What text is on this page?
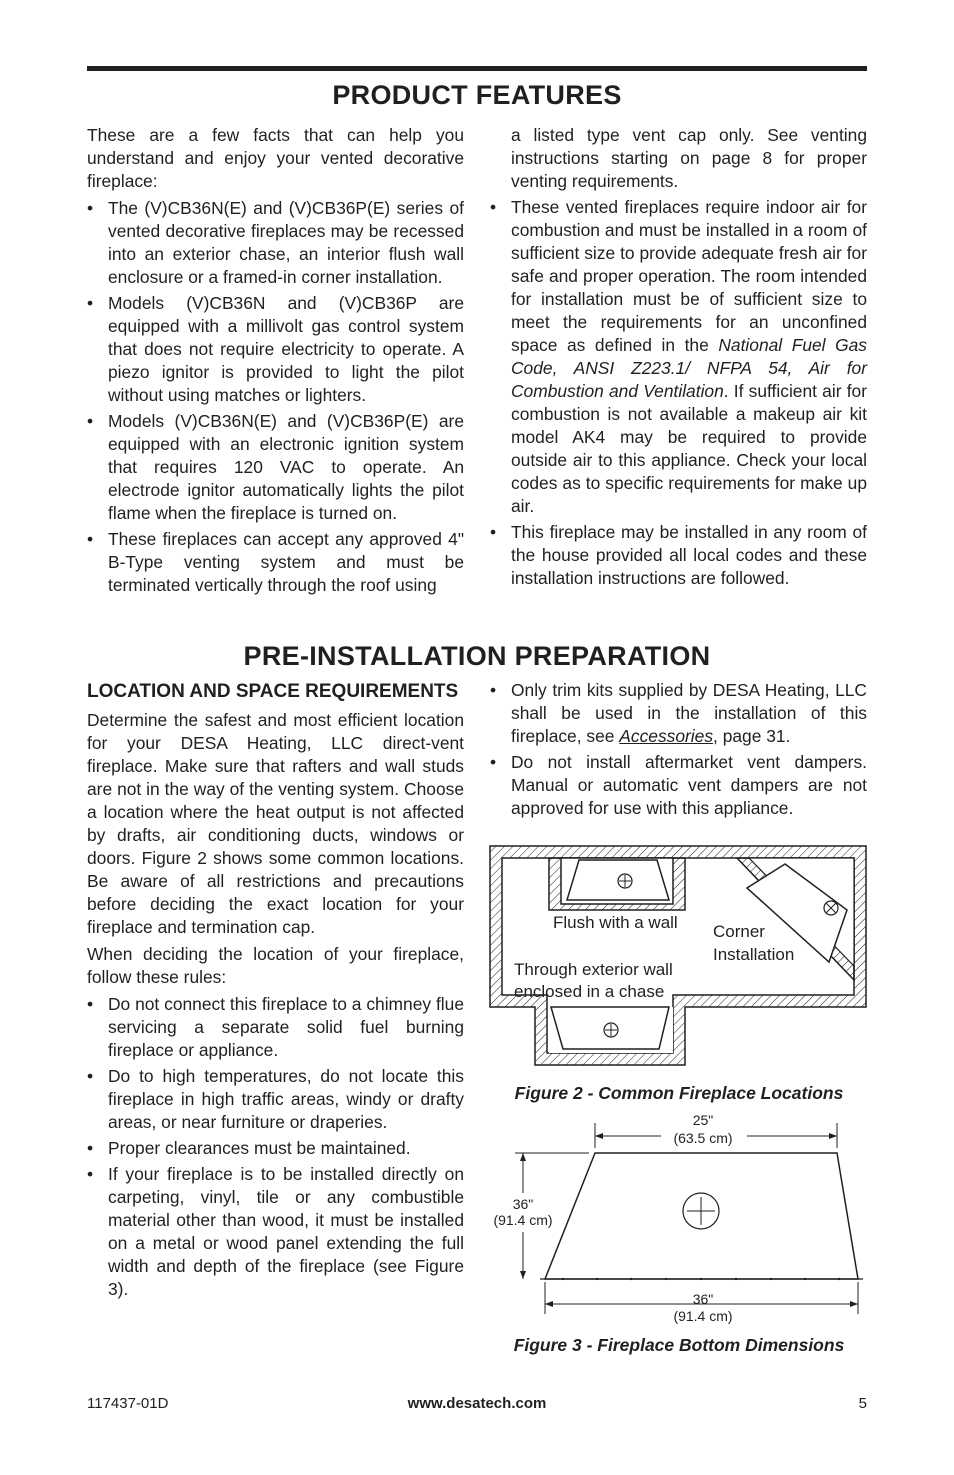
PRODUCT FEATURES

These are a few facts that can help you understand and enjoy your vented decorative fireplace:

• The (V)CB36N(E) and (V)CB36P(E) series of vented decorative fireplaces may be recessed into an exterior chase, an interior flush wall enclosure or a framed-in corner installation.
• Models (V)CB36N and (V)CB36P are equipped with a millivolt gas control system that does not require electricity to operate. A piezo ignitor is provided to light the pilot without using matches or lighters.
• Models (V)CB36N(E) and (V)CB36P(E) are equipped with an electronic ignition system that requires 120 VAC to operate. An electrode ignitor automatically lights the pilot flame when the fireplace is turned on.
• These fireplaces can accept any approved 4" B-Type venting system and must be terminated vertically through the roof using
a listed type vent cap only. See venting instructions starting on page 8 for proper venting requirements.
• These vented fireplaces require indoor air for combustion and must be installed in a room of sufficient size to provide adequate fresh air for safe and proper operation. The room intended for installation must be of sufficient size to meet the requirements for an unconfined space as defined in the National Fuel Gas Code, ANSI Z223.1/ NFPA 54, Air for Combustion and Ventilation. If sufficient air for combustion is not available a makeup air kit model AK4 may be required to provide outside air to this appliance. Check your local codes as to specific requirements for make up air.
• This fireplace may be installed in any room of the house provided all local codes and these installation instructions are followed.
PRE-INSTALLATION PREPARATION
LOCATION AND SPACE REQUIREMENTS

Determine the safest and most efficient location for your DESA Heating, LLC direct-vent fireplace. Make sure that rafters and wall studs are not in the way of the venting system. Choose a location where the heat output is not affected by drafts, air conditioning ducts, windows or doors. Figure 2 shows some common locations. Be aware of all restrictions and precautions before deciding the exact location for your fireplace and termination cap.

When deciding the location of your fireplace, follow these rules:

• Do not connect this fireplace to a chimney flue servicing a separate solid fuel burning fireplace or appliance.
• Do to high temperatures, do not locate this fireplace in high traffic areas, windy or drafty areas, or near furniture or draperies.
• Proper clearances must be maintained.
• If your fireplace is to be installed directly on carpeting, vinyl, tile or any combustible material other than wood, it must be installed on a metal or wood panel extending the full width and depth of the fireplace (see Figure 3).
• Only trim kits supplied by DESA Heating, LLC shall be used in the installation of this fireplace, see Accessories, page 31.
• Do not install aftermarket vent dampers. Manual or automatic vent dampers are not approved for use with this appliance.
Flush with a wall Corner
Installation
Through exterior wall
enclosed in a chase
Figure 2 - Common Fireplace Locations
25"
(63.5 cm)
36"
(91.4 cm)
36"
(91.4 cm)
Figure 3 - Fireplace Bottom Dimensions
117437-01D	www.desatech.com	5
